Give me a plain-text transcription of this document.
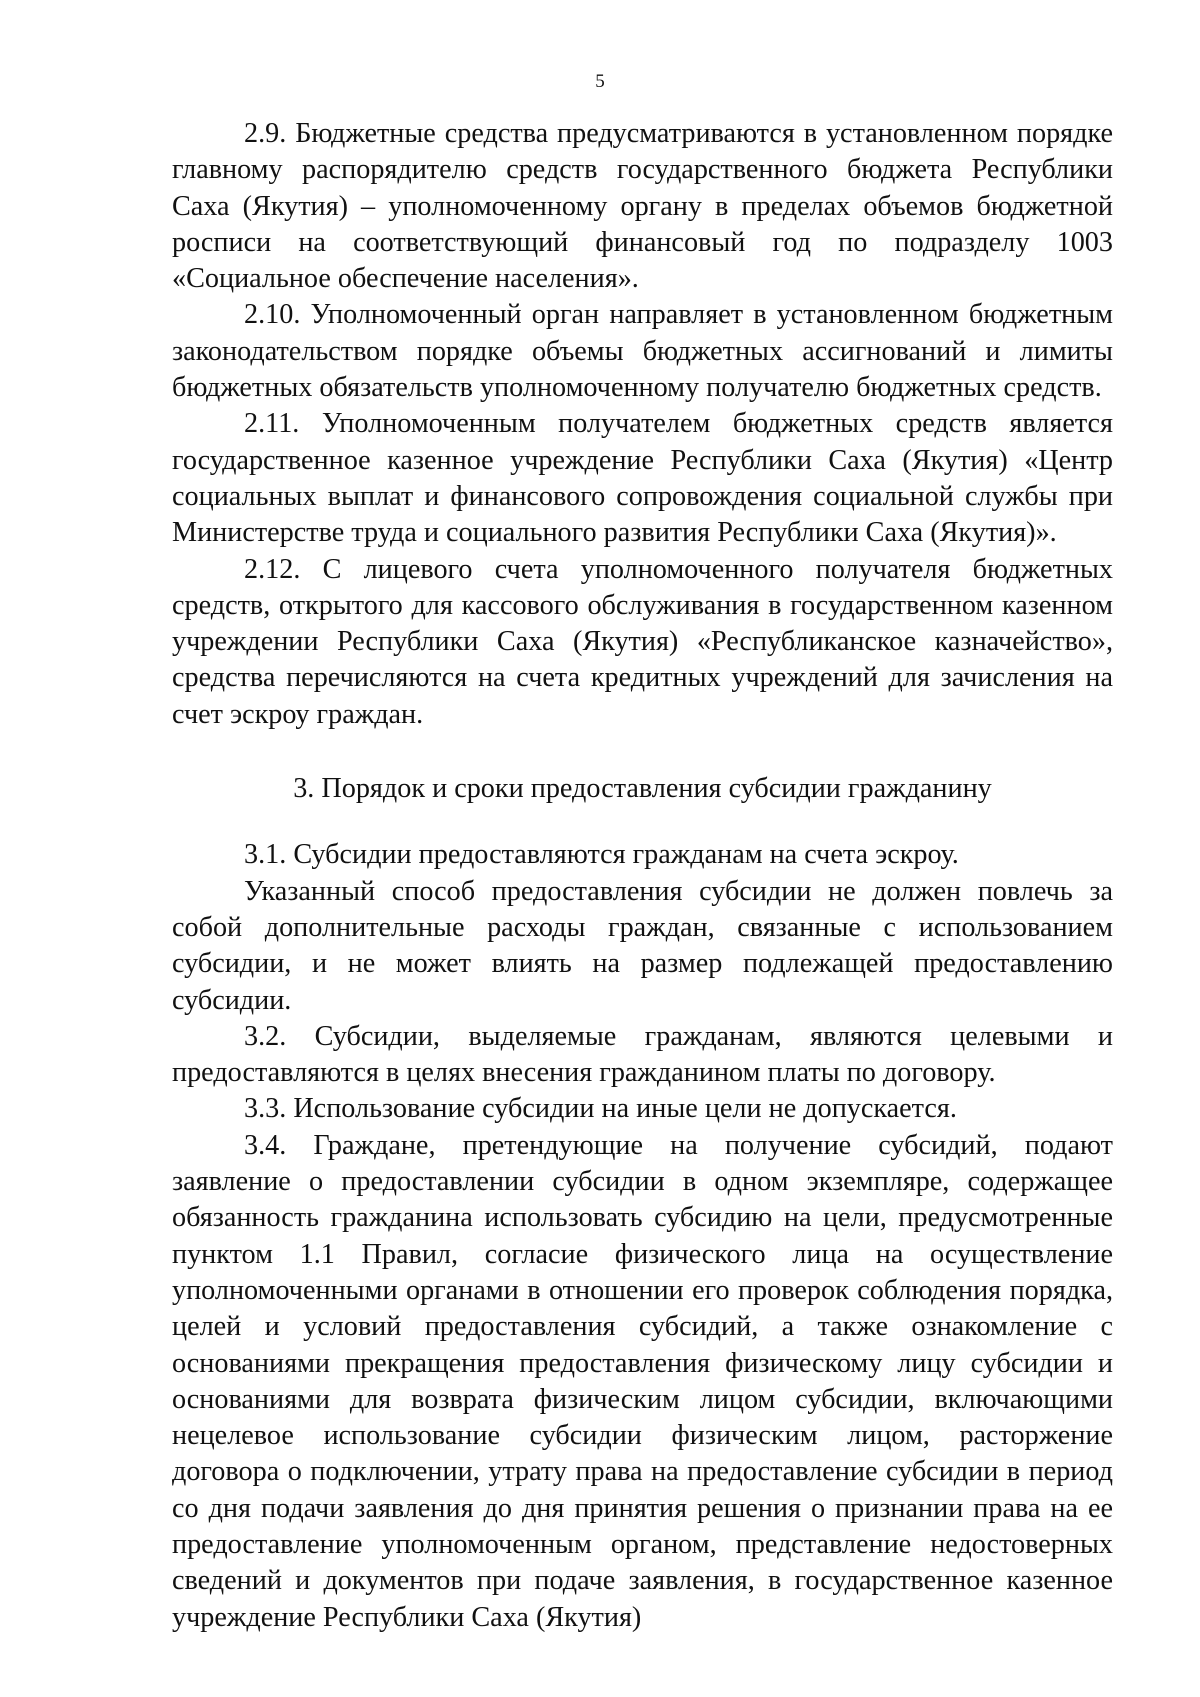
5

2.9. Бюджетные средства предусматриваются в установленном порядке главному распорядителю средств государственного бюджета Республики Саха (Якутия) – уполномоченному органу в пределах объемов бюджетной росписи на соответствующий финансовый год по подразделу 1003 «Социальное обеспечение населения».

2.10. Уполномоченный орган направляет в установленном бюджетным законодательством порядке объемы бюджетных ассигнований и лимиты бюджетных обязательств уполномоченному получателю бюджетных средств.

2.11. Уполномоченным получателем бюджетных средств является государственное казенное учреждение Республики Саха (Якутия) «Центр социальных выплат и финансового сопровождения социальной службы при Министерстве труда и социального развития Республики Саха (Якутия)».

2.12. С лицевого счета уполномоченного получателя бюджетных средств, открытого для кассового обслуживания в государственном казенном учреждении Республики Саха (Якутия) «Республиканское казначейство», средства перечисляются на счета кредитных учреждений для зачисления на счет эскроу граждан.

3. Порядок и сроки предоставления субсидии гражданину

3.1. Субсидии предоставляются гражданам на счета эскроу.

Указанный способ предоставления субсидии не должен повлечь за собой дополнительные расходы граждан, связанные с использованием субсидии, и не может влиять на размер подлежащей предоставлению субсидии.

3.2. Субсидии, выделяемые гражданам, являются целевыми и предоставляются в целях внесения гражданином платы по договору.

3.3. Использование субсидии на иные цели не допускается.

3.4. Граждане, претендующие на получение субсидий, подают заявление о предоставлении субсидии в одном экземпляре, содержащее обязанность гражданина использовать субсидию на цели, предусмотренные пунктом 1.1 Правил, согласие физического лица на осуществление уполномоченными органами в отношении его проверок соблюдения порядка, целей и условий предоставления субсидий, а также ознакомление с основаниями прекращения предоставления физическому лицу субсидии и основаниями для возврата физическим лицом субсидии, включающими нецелевое использование субсидии физическим лицом, расторжение договора о подключении, утрату права на предоставление субсидии в период со дня подачи заявления до дня принятия решения о признании права на ее предоставление уполномоченным органом, представление недостоверных сведений и документов при подаче заявления, в государственное казенное учреждение Республики Саха (Якутия)
